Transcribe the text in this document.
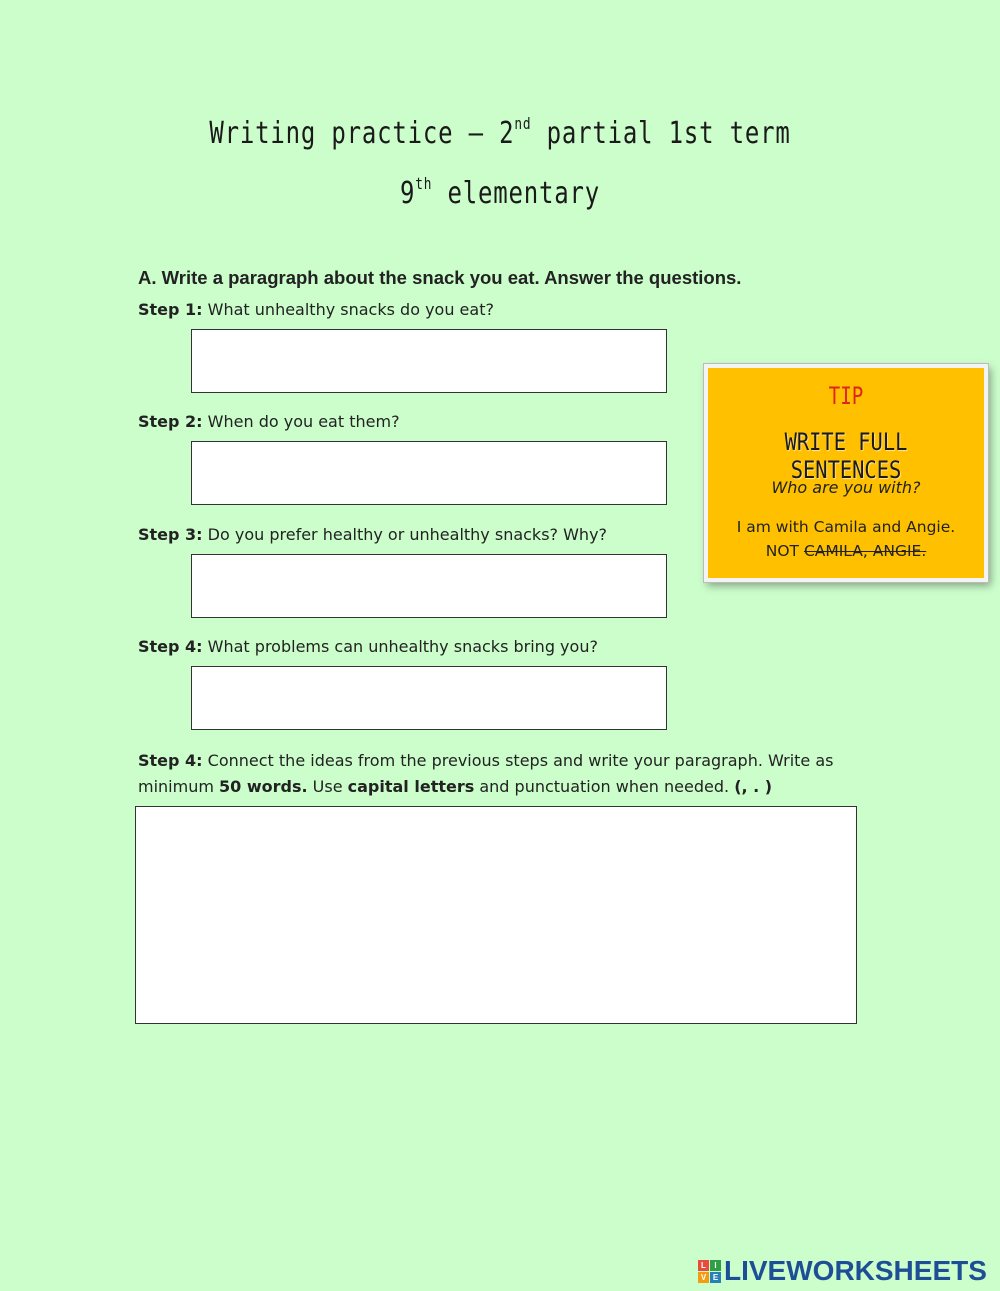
Writing practice – 2nd partial 1st term
9th elementary
A. Write a paragraph about the snack you eat. Answer the questions.
Step 1: What unhealthy snacks do you eat?
Step 2: When do you eat them?
Step 3: Do you prefer healthy or unhealthy snacks? Why?
Step 4: What problems can unhealthy snacks bring you?
Step 4: Connect the ideas from the previous steps and write your paragraph. Write as minimum 50 words. Use capital letters and punctuation when needed. (, . )
TIP
WRITE FULL SENTENCES
Who are you with?
I am with Camila and Angie.
NOT CAMILA, ANGIE.
L	I
V E LIVEWORKSHEETS
